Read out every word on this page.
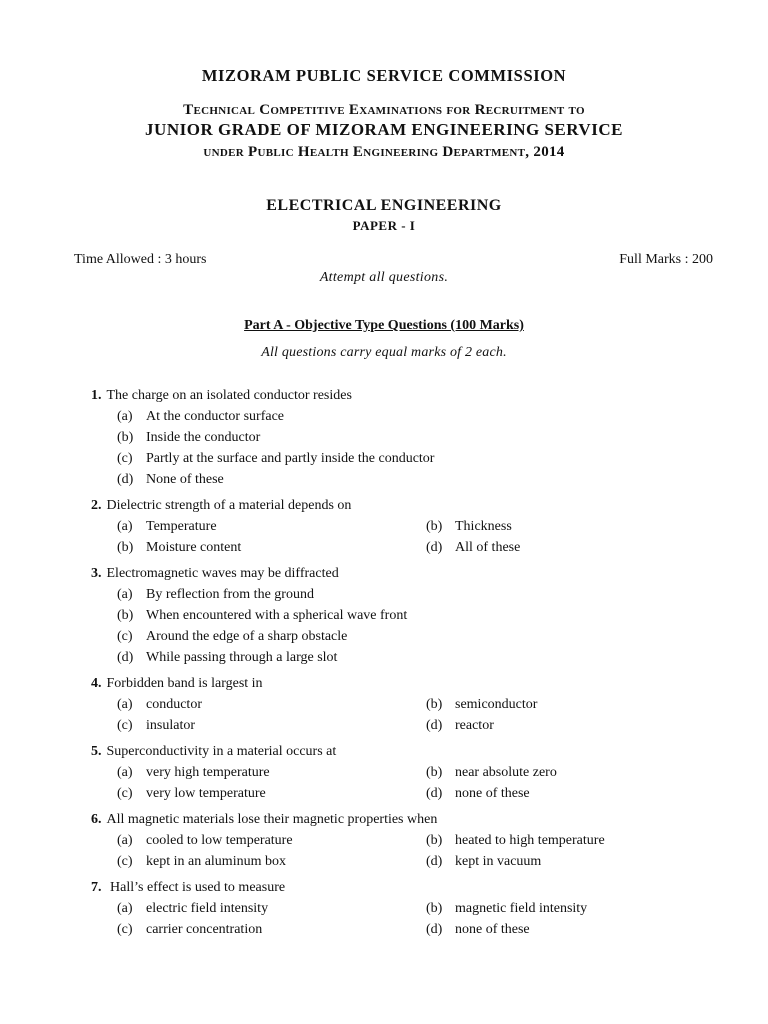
MIZORAM PUBLIC SERVICE COMMISSION
Technical Competitive Examinations for Recruitment to
JUNIOR GRADE OF MIZORAM ENGINEERING SERVICE
under Public Health Engineering Department, 2014
ELECTRICAL ENGINEERING
PAPER - I
Time Allowed : 3 hours	Full Marks : 200
Attempt all questions.
Part A - Objective Type Questions (100 Marks)
All questions carry equal marks of 2 each.
1. The charge on an isolated conductor resides
(a) At the conductor surface
(b) Inside the conductor
(c) Partly at the surface and partly inside the conductor
(d) None of these
2. Dielectric strength of a material depends on
(a) Temperature	(b) Thickness
(b) Moisture content	(d) All of these
3. Electromagnetic waves may be diffracted
(a) By reflection from the ground
(b) When encountered with a spherical wave front
(c) Around the edge of a sharp obstacle
(d) While passing through a large slot
4. Forbidden band is largest in
(a) conductor	(b) semiconductor
(c) insulator	(d) reactor
5. Superconductivity in a material occurs at
(a) very high temperature	(b) near absolute zero
(c) very low temperature	(d) none of these
6. All magnetic materials lose their magnetic properties when
(a) cooled to low temperature	(b) heated to high temperature
(c) kept in an aluminum box	(d) kept in vacuum
7. Hall’s effect is used to measure
(a) electric field intensity	(b) magnetic field intensity
(c) carrier concentration	(d) none of these
